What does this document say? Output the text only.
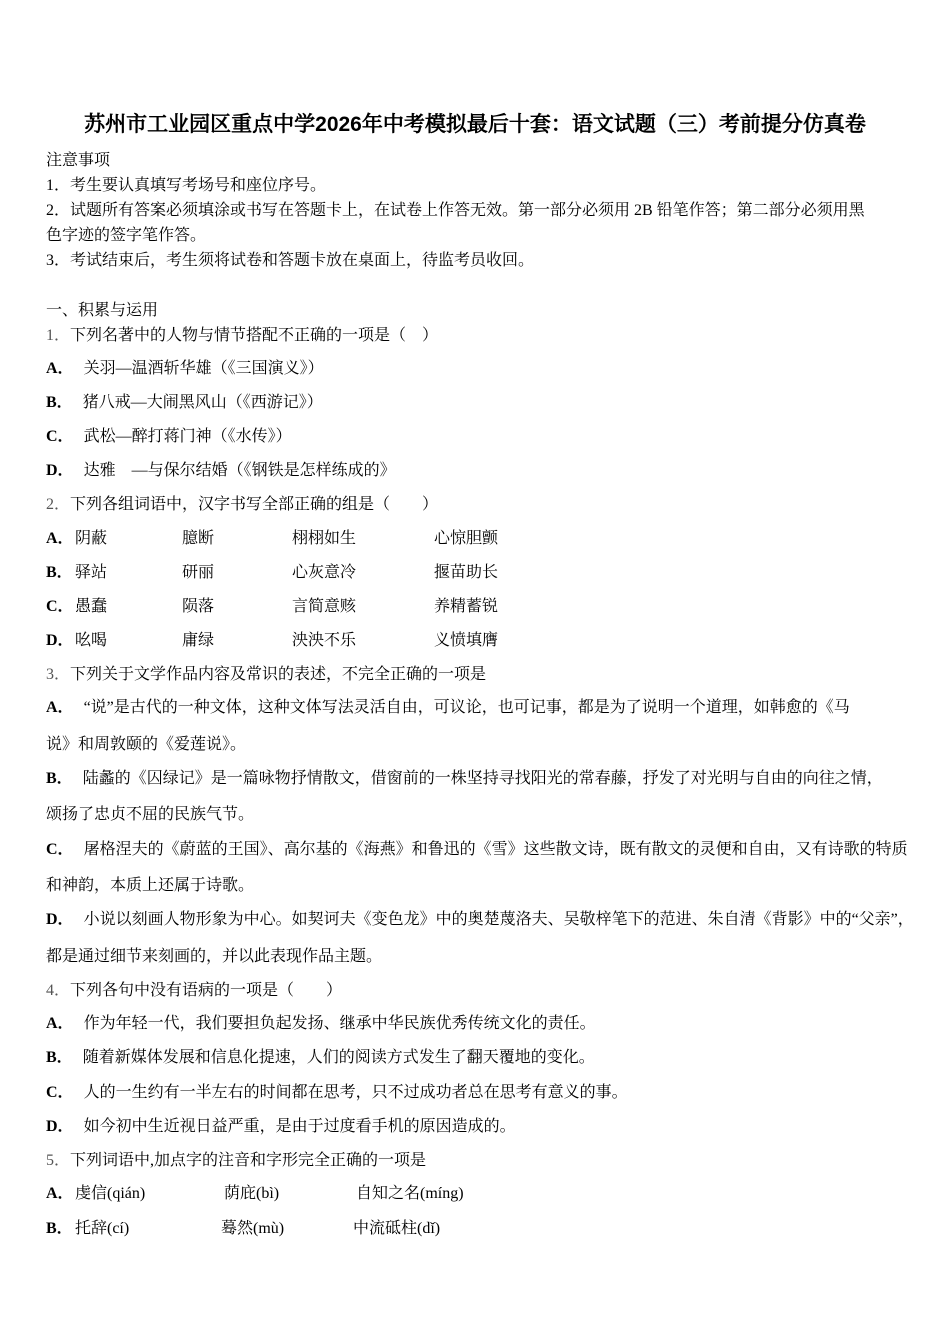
苏州市工业园区重点中学2026年中考模拟最后十套：语文试题（三）考前提分仿真卷
注意事项
1．考生要认真填写考场号和座位序号。
2．试题所有答案必须填涂或书写在答题卡上，在试卷上作答无效。第一部分必须用 2B 铅笔作答；第二部分必须用黑
色字迹的签字笔作答。
3．考试结束后，考生须将试卷和答题卡放在桌面上，待监考员收回。
一、积累与运用
1．下列名著中的人物与情节搭配不正确的一项是（　）
A． 关羽—温酒斩华雄（《三国演义》）
B． 猪八戒—大闹黑风山（《西游记》）
C． 武松—醉打蒋门神（《水传》）
D． 达雅　—与保尔结婚（《钢铁是怎样练成的》
2．下列各组词语中，汉字书写全部正确的组是（　　）
A． 阴蔽	臆断	栩栩如生	心惊胆颤
B． 驿站	研丽	心灰意冷	揠苗助长
C． 愚蠢	陨落	言简意赅	养精蓄锐
D． 吆喝	庸绿	泱泱不乐	义愤填膺
3．下列关于文学作品内容及常识的表述，不完全正确的一项是
A． “说”是古代的一种文体，这种文体写法灵活自由，可议论，也可记事，都是为了说明一个道理，如韩愈的《马
说》和周敦颐的《爱莲说》。
B． 陆蠡的《囚绿记》是一篇咏物抒情散文，借窗前的一株坚持寻找阳光的常春藤，抒发了对光明与自由的向往之情，
颂扬了忠贞不屈的民族气节。
C． 屠格涅夫的《蔚蓝的王国》、高尔基的《海燕》和鲁迅的《雪》这些散文诗，既有散文的灵便和自由，又有诗歌的特质
和神韵，本质上还属于诗歌。
D． 小说以刻画人物形象为中心。如契诃夫《变色龙》中的奥楚蔑洛夫、吴敬梓笔下的范进、朱自清《背影》中的“父亲”，
都是通过细节来刻画的，并以此表现作品主题。
4．下列各句中没有语病的一项是（　　）
A． 作为年轻一代，我们要担负起发扬、继承中华民族优秀传统文化的责任。
B． 随着新媒体发展和信息化提速，人们的阅读方式发生了翻天覆地的变化。
C． 人的一生约有一半左右的时间都在思考，只不过成功者总在思考有意义的事。
D． 如今初中生近视日益严重，是由于过度看手机的原因造成的。
5．下列词语中,加点字的注音和字形完全正确的一项是
A． 虔信(qián)	荫庇(bì)	自知之名(míng)
B． 托辞(cí)	蓦然(mù)	中流砥柱(dǐ)
